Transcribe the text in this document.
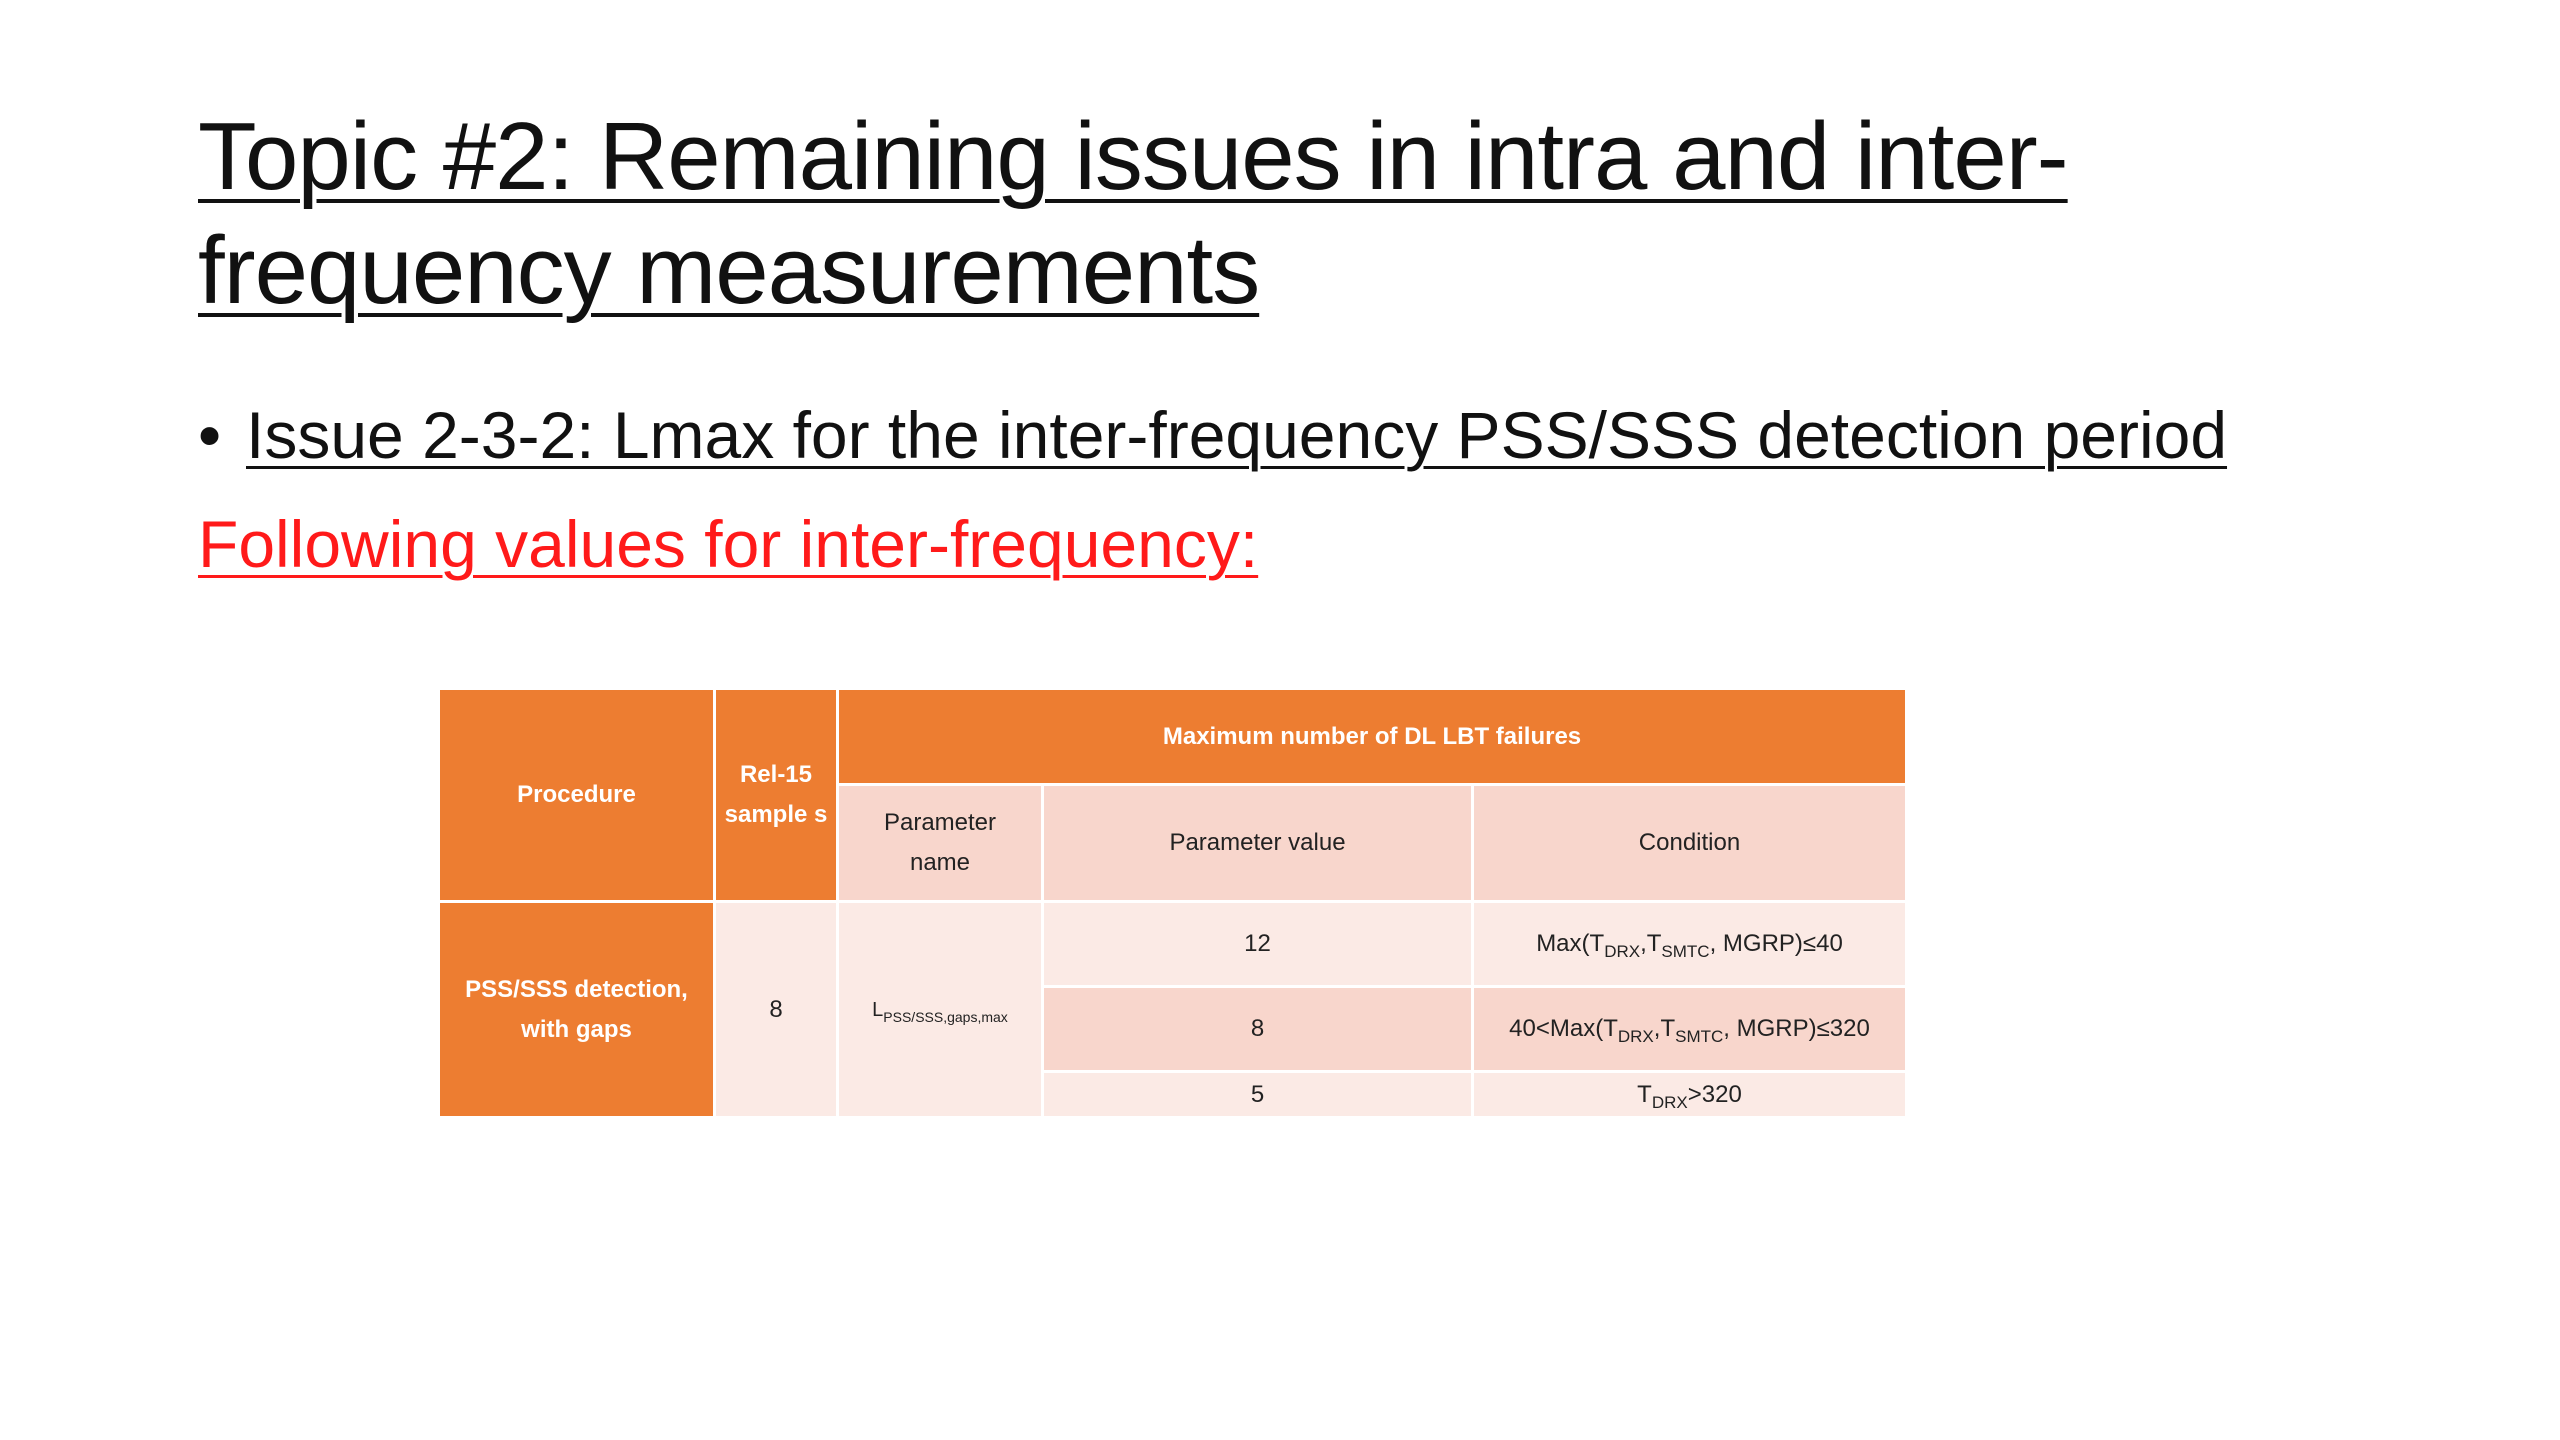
Topic #2: Remaining issues in intra and inter-
frequency measurements
• Issue 2-3-2: Lmax for the inter-frequency PSS/SSS detection period
Following values for inter-frequency:
Procedure
Rel-15 sample s
Maximum number of DL LBT failures
Parameter name
Parameter value	Condition
PSS/SSS detection, with gaps
8	$L_{PSS/SSS,gaps,max}$
12
8
5
$Max(T_{DRX},T_{SMTC}$, MGRP)≤40
$40<Max(T_{DRX},T_{SMTC}$, MGRP)≤320
$T_{DRX}>320$
